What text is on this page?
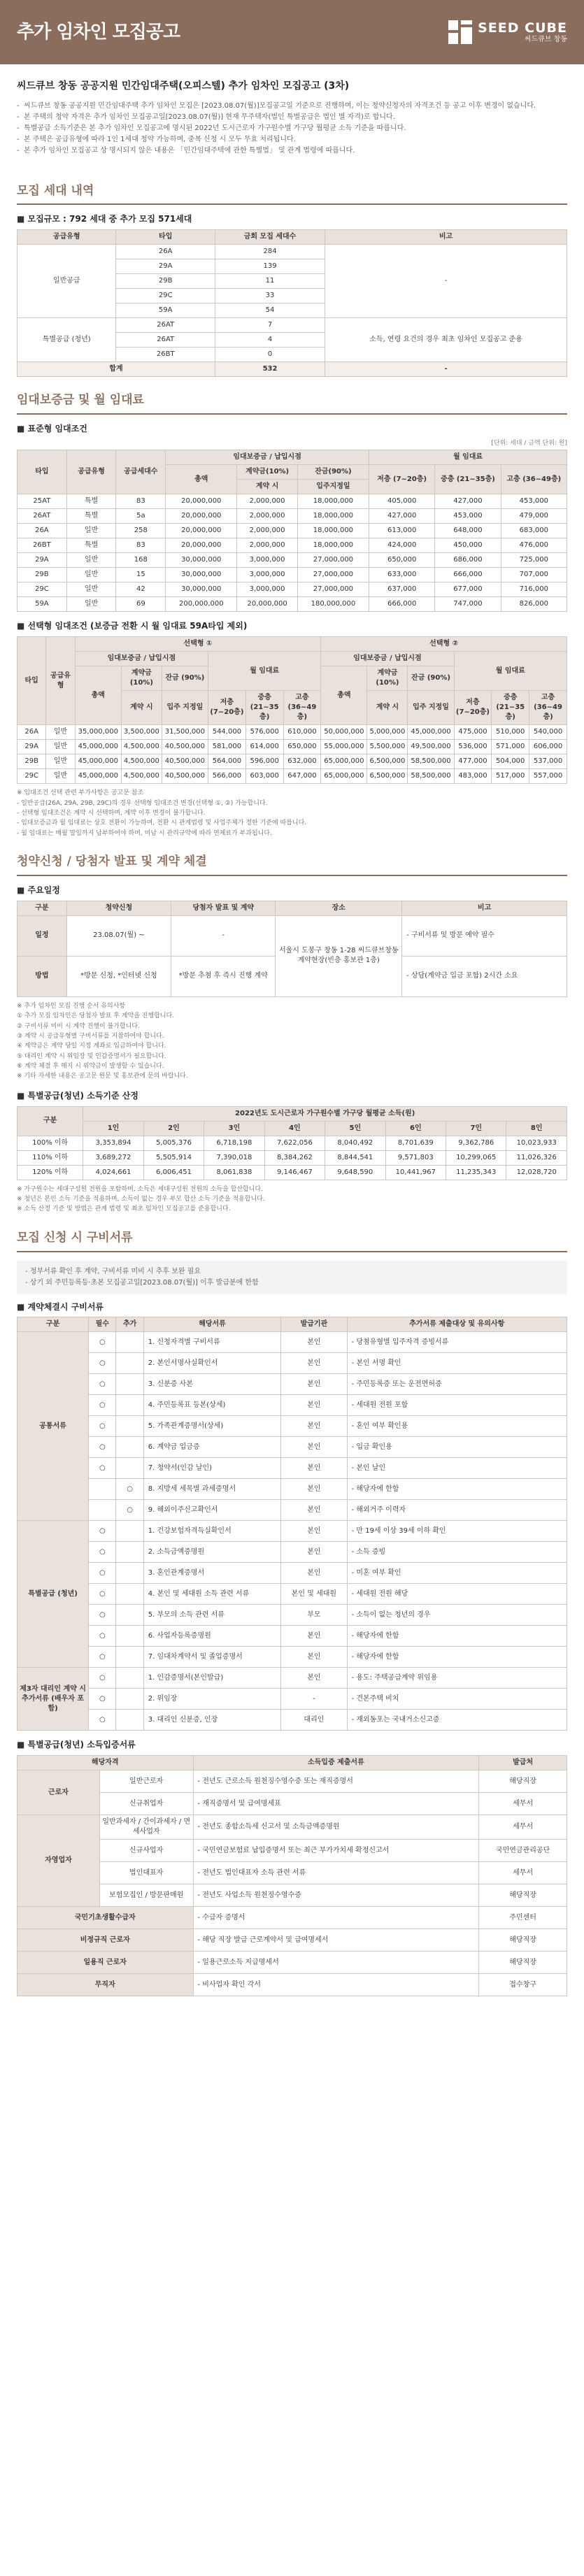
추가 임차인 모집공고	SEED CUBE
씨드큐브 창동
씨드큐브 창동 공공지원 민간임대주택(오피스텔) 추가 임차인 모집공고 (3차)
- 씨드큐브 창동 공공지원 민간임대주택 추가 임차인 모집은 [2023.08.07(월)]모집공고일 기준으로 진행하며, 이는 청약신청자의 자격조건 등 공고 이후 변경이 없습니다.
- 본 주택의 청약 자격은 추가 임차인 모집공고일[2023.08.07(월)] 현재 무주택자(법인 특별공급은 법인 별 자격)로 합니다.
- 특별공급 소득기준은 본 추가 임차인 모집공고에 명시된 2022년 도시근로자 가구원수별 가구당 월평균 소득 기준을 따릅니다.
- 본 주택은 공급유형에 따라 1인 1세대 청약 가능하며, 중복 신청 시 모두 무효 처리됩니다.
- 본 추가 임차인 모집공고 상 명시되지 않은 내용은 「민간임대주택에 관한 특별법」 및 관계 법령에 따릅니다.
모집 세대 내역
■ 모집규모 : 792 세대 중 추가 모집 571세대
공급유형	타입	금회 모집 세대수	비고
일반공급	26A	284	-
	29A	139	
	29B	11	
	29C	33	
	59A	54	
특별공급 (청년)	26AT	7	소득, 연령 요건의 경우 최초 임차인 모집공고 준용
	26AT	4	
	26BT	0	
합계		532	-
임대보증금 및 월 임대료
■ 표준형 임대조건
[단위: 세대 / 금액 단위: 원]
타입	공급유형	공급세대수	임대보증금 / 납입시점			월 임대료		
			총액	계약금(10%)	잔금(90%)	저층 (7~20층)	중층 (21~35층)	고층 (36~49층)
				계약 시	입주지정일			
25AT	특별	83	20,000,000	2,000,000	18,000,000	405,000	427,000	453,000
26AT	특별	5a	20,000,000	2,000,000	18,000,000	427,000	453,000	479,000
26A	일반	258	20,000,000	2,000,000	18,000,000	613,000	648,000	683,000
26BT	특별	83	20,000,000	2,000,000	18,000,000	424,000	450,000	476,000
29A	일반	168	30,000,000	3,000,000	27,000,000	650,000	686,000	725,000
29B	일반	15	30,000,000	3,000,000	27,000,000	633,000	666,000	707,000
29C	일반	42	30,000,000	3,000,000	27,000,000	637,000	677,000	716,000
59A	일반	69	200,000,000	20,000,000	180,000,000	666,000	747,000	826,000
■ 선택형 임대조건 (보증금 전환 시 월 임대료 59A타입 제외)
타입	공급유형	선택형 ①						선택형 ②					
		임대보증금 / 납입시점			월 임대료			임대보증금 / 납입시점			월 임대료		
		총액	계약금 (10%)	잔금 (90%)				총액	계약금 (10%)	잔금 (90%)			
			계약 시	입주 지정일	저층 (7~20층)	중층 (21~35층)	고층 (36~49층)		계약 시	입주 지정일	저층 (7~20층)	중층 (21~35층)	고층 (36~49층)
26A	일반	35,000,000	3,500,000	31,500,000	544,000	576,000	610,000	50,000,000	5,000,000	45,000,000	475,000	510,000	540,000
29A	일반	45,000,000	4,500,000	40,500,000	581,000	614,000	650,000	55,000,000	5,500,000	49,500,000	536,000	571,000	606,000
29B	일반	45,000,000	4,500,000	40,500,000	564,000	596,000	632,000	65,000,000	6,500,000	58,500,000	477,000	504,000	537,000
29C	일반	45,000,000	4,500,000	40,500,000	566,000	603,000	647,000	65,000,000	6,500,000	58,500,000	483,000	517,000	557,000

※ 임대조건 선택 관련 부가사항은 공고문 참조

- 일반공급(26A, 29A, 29B, 29C)의 경우 선택형 임대조건 변경(선택형 ①, ②) 가능합니다.

- 선택형 임대조건은 계약 시 선택하며, 계약 이후 변경이 불가합니다.

- 임대보증금과 월 임대료는 상호 전환이 가능하며, 전환 시 관계법령 및 사업주체가 정한 기준에 따릅니다.

- 월 임대료는 매월 말일까지 납부하여야 하며, 미납 시 관리규약에 따라 연체료가 부과됩니다.

청약신청 / 당첨자 발표 및 계약 체결
■ 주요일정
구분	청약신청	당첨자 발표 및 계약	장소	비고
일정	23.08.07(월) ~	-	서울시 도봉구 창동 1-28 씨드큐브창동 계약현장(빈층 홍보관 1층)	- 구비서류 및 방문 예약 필수
방법	*방문 신청, *인터넷 신청	*방문 추첨 후 즉시 진행 계약		- 상담(계약금 입금 포함) 2시간 소요

※ 추가 임차인 모집 진행 순서 유의사항

① 추가 모집 임차인은 당첨자 발표 후 계약을 진행합니다.

② 구비서류 미비 시 계약 진행이 불가합니다.

③ 계약 시 공급유형별 구비서류를 지참하여야 합니다.

④ 계약금은 계약 당일 지정 계좌로 입금하여야 합니다.

⑤ 대리인 계약 시 위임장 및 인감증명서가 필요합니다.

⑥ 계약 체결 후 해지 시 위약금이 발생할 수 있습니다.

※ 기타 자세한 내용은 공고문 원문 및 홍보관에 문의 바랍니다.

■ 특별공급(청년) 소득기준 산정
구분	2022년도 도시근로자 가구원수별 가구당 월평균 소득(원)							
	1인	2인	3인	4인	5인	6인	7인	8인
100% 이하	3,353,894	5,005,376	6,718,198	7,622,056	8,040,492	8,701,639	9,362,786	10,023,933
110% 이하	3,689,272	5,505,914	7,390,018	8,384,262	8,844,541	9,571,803	10,299,065	11,026,326
120% 이하	4,024,661	6,006,451	8,061,838	9,146,467	9,648,590	10,441,967	11,235,343	12,028,720

※ 가구원수는 세대구성원 전원을 포함하며, 소득은 세대구성원 전원의 소득을 합산합니다.

※ 청년은 본인 소득 기준을 적용하며, 소득이 없는 경우 부모 합산 소득 기준을 적용합니다.

※ 소득 산정 기준 및 방법은 관계 법령 및 최초 임차인 모집공고를 준용합니다.

모집 신청 시 구비서류

- 정부서류 확인 후 계약, 구비서류 미비 시 추후 보완 필요

- 상기 외 주민등록등·초본 모집공고일[2023.08.07(월)] 이후 발급분에 한함

■ 계약체결시 구비서류
구분	필수	추가	해당서류	발급기관	추가서류 제출대상 및 유의사항
공통서류	○		1. 신청자격별 구비서류	본인	- 당첨유형별 입주자격 증빙서류
	○		2. 본인서명사실확인서	본인	- 본인 서명 확인
	○		3. 신분증 사본	본인	- 주민등록증 또는 운전면허증
	○		4. 주민등록표 등본(상세)	본인	- 세대원 전원 포함
	○		5. 가족관계증명서(상세)	본인	- 혼인 여부 확인용
	○		6. 계약금 입금증	본인	- 입금 확인용
	○		7. 청약서(인감 날인)	본인	- 본인 날인
		○	8. 지방세 세목별 과세증명서	본인	- 해당자에 한함
		○	9. 해외이주신고확인서	본인	- 해외거주 이력자
특별공급 (청년)	○		1. 건강보험자격득실확인서	본인	- 만 19세 이상 39세 이하 확인
	○		2. 소득금액증명원	본인	- 소득 증빙
	○		3. 혼인관계증명서	본인	- 미혼 여부 확인
	○		4. 본인 및 세대원 소득 관련 서류	본인 및 세대원	- 세대원 전원 해당
	○		5. 부모의 소득 관련 서류	부모	- 소득이 없는 청년의 경우
	○		6. 사업자등록증명원	본인	- 해당자에 한함
	○		7. 임대차계약서 및 졸업증명서	본인	- 해당자에 한함
제3자 대리인 계약 시 추가서류 (배우자 포함)	○		1. 인감증명서(본인발급)	본인	- 용도: 주택공급계약 위임용
	○		2. 위임장	-	- 견본주택 비치
	○		3. 대리인 신분증, 인장	대리인	- 재외동포는 국내거소신고증
■ 특별공급(청년) 소득입증서류
해당자격		소득입증 제출서류	발급처
근로자	일반근로자	- 전년도 근로소득 원천징수영수증 또는 재직증명서	해당직장
	신규취업자	- 재직증명서 및 급여명세표	세무서
자영업자	일반과세자 / 간이과세자 / 면세사업자	- 전년도 종합소득세 신고서 및 소득금액증명원	세무서
	신규사업자	- 국민연금보험료 납입증명서 또는 최근 부가가치세 확정신고서	국민연금관리공단
	법인대표자	- 전년도 법인대표자 소득 관련 서류	세무서
	보험모집인 / 방문판매원	- 전년도 사업소득 원천징수영수증	해당직장
국민기초생활수급자		- 수급자 증명서	주민센터
비정규직 근로자		- 해당 직장 발급 근로계약서 및 급여명세서	해당직장
일용직 근로자		- 일용근로소득 지급명세서	해당직장
무직자		- 비사업자 확인 각서	접수창구
